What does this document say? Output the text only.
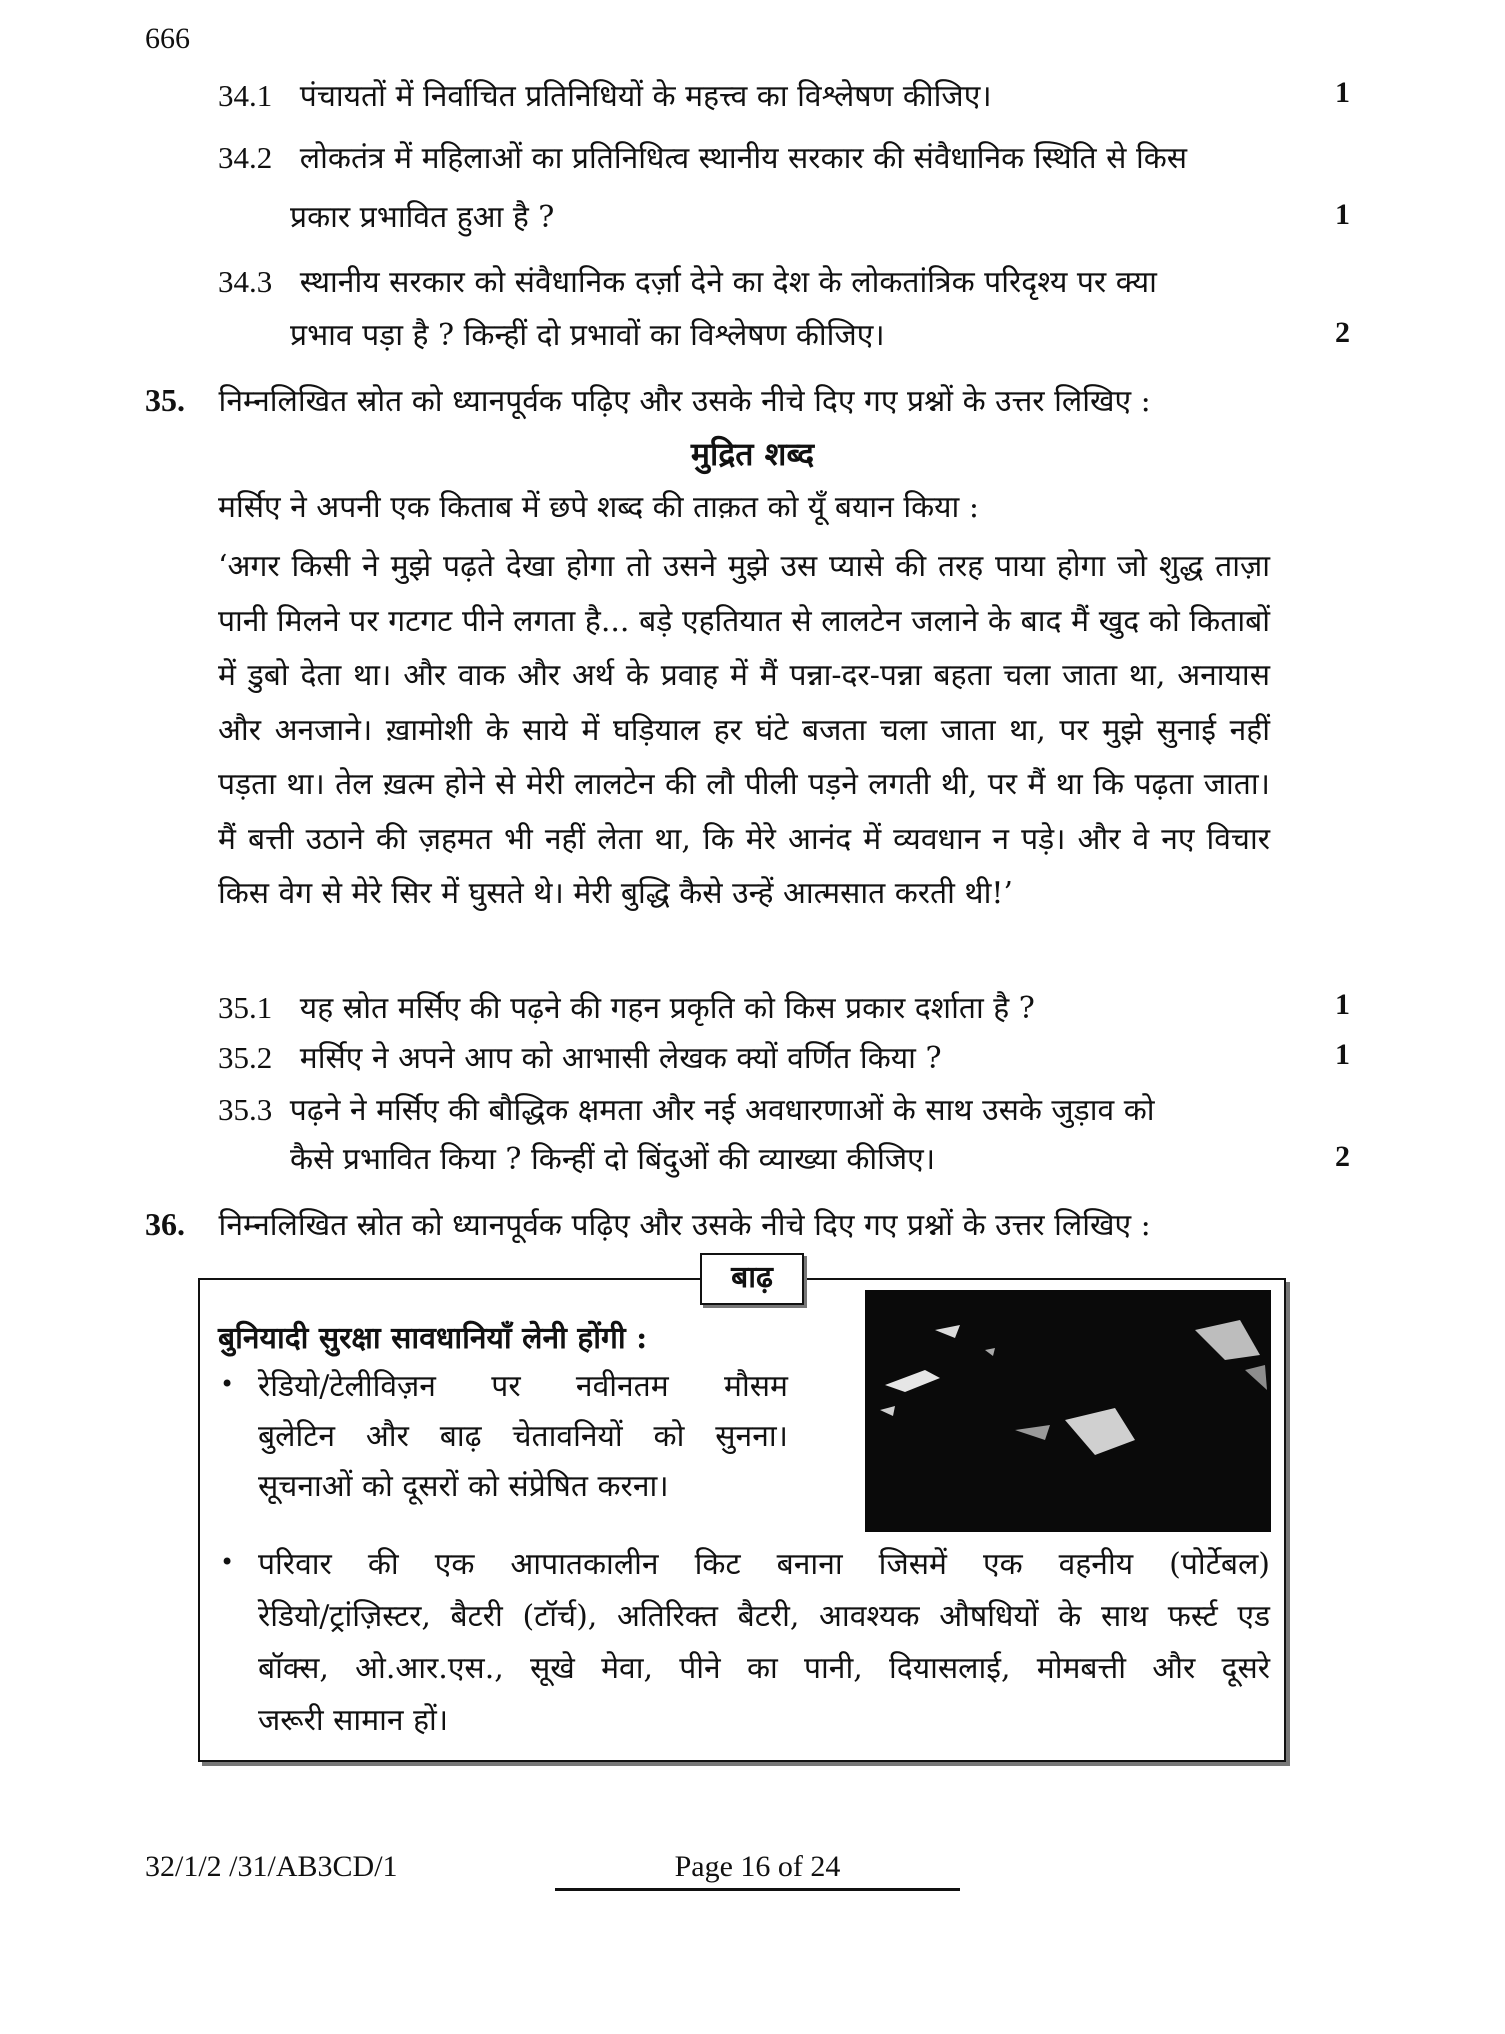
666
34.1 पंचायतों में निर्वाचित प्रतिनिधियों के महत्त्व का विश्लेषण कीजिए।	1
34.2 लोकतंत्र में महिलाओं का प्रतिनिधित्व स्थानीय सरकार की संवैधानिक स्थिति से किस
प्रकार प्रभावित हुआ है ?	1
34.3 स्थानीय सरकार को संवैधानिक दर्ज़ा देने का देश के लोकतांत्रिक परिदृश्य पर क्या
प्रभाव पड़ा है ? किन्हीं दो प्रभावों का विश्लेषण कीजिए।	2
35. निम्नलिखित स्रोत को ध्यानपूर्वक पढ़िए और उसके नीचे दिए गए प्रश्नों के उत्तर लिखिए :
मुद्रित शब्द
मर्सिए ने अपनी एक किताब में छपे शब्द की ताक़त को यूँ बयान किया :
‘अगर किसी ने मुझे पढ़ते देखा होगा तो उसने मुझे उस प्यासे की तरह पाया होगा जो शुद्ध ताज़ा पानी मिलने पर गटगट पीने लगता है... बड़े एहतियात से लालटेन जलाने के बाद मैं खुद को किताबों में डुबो देता था। और वाक और अर्थ के प्रवाह में मैं पन्ना-दर-पन्ना बहता चला जाता था, अनायास और अनजाने। ख़ामोशी के साये में घड़ियाल हर घंटे बजता चला जाता था, पर मुझे सुनाई नहीं पड़ता था। तेल ख़त्म होने से मेरी लालटेन की लौ पीली पड़ने लगती थी, पर मैं था कि पढ़ता जाता। मैं बत्ती उठाने की ज़हमत भी नहीं लेता था, कि मेरे आनंद में व्यवधान न पड़े। और वे नए विचार किस वेग से मेरे सिर में घुसते थे। मेरी बुद्धि कैसे उन्हें आत्मसात करती थी!’
35.1 यह स्रोत मर्सिए की पढ़ने की गहन प्रकृति को किस प्रकार दर्शाता है ?	1
35.2 मर्सिए ने अपने आप को आभासी लेखक क्यों वर्णित किया ?	1
35.3 पढ़ने ने मर्सिए की बौद्धिक क्षमता और नई अवधारणाओं के साथ उसके जुड़ाव को
कैसे प्रभावित किया ? किन्हीं दो बिंदुओं की व्याख्या कीजिए।	2
36. निम्नलिखित स्रोत को ध्यानपूर्वक पढ़िए और उसके नीचे दिए गए प्रश्नों के उत्तर लिखिए :
बाढ़
बुनियादी सुरक्षा सावधानियाँ लेनी होंगी :
• रेडियो/टेलीविज़न पर नवीनतम मौसम
बुलेटिन और बाढ़ चेतावनियों को सुनना।
सूचनाओं को दूसरों को संप्रेषित करना।
• परिवार की एक आपातकालीन किट बनाना जिसमें एक वहनीय (पोर्टेबल)
रेडियो/ट्रांज़िस्टर, बैटरी (टॉर्च), अतिरिक्त बैटरी, आवश्यक औषधियों के साथ फर्स्ट एड
बॉक्स, ओ.आर.एस., सूखे मेवा, पीने का पानी, दियासलाई, मोमबत्ती और दूसरे
जरूरी सामान हों।
32/1/2 /31/AB3CD/1	Page 16 of 24
